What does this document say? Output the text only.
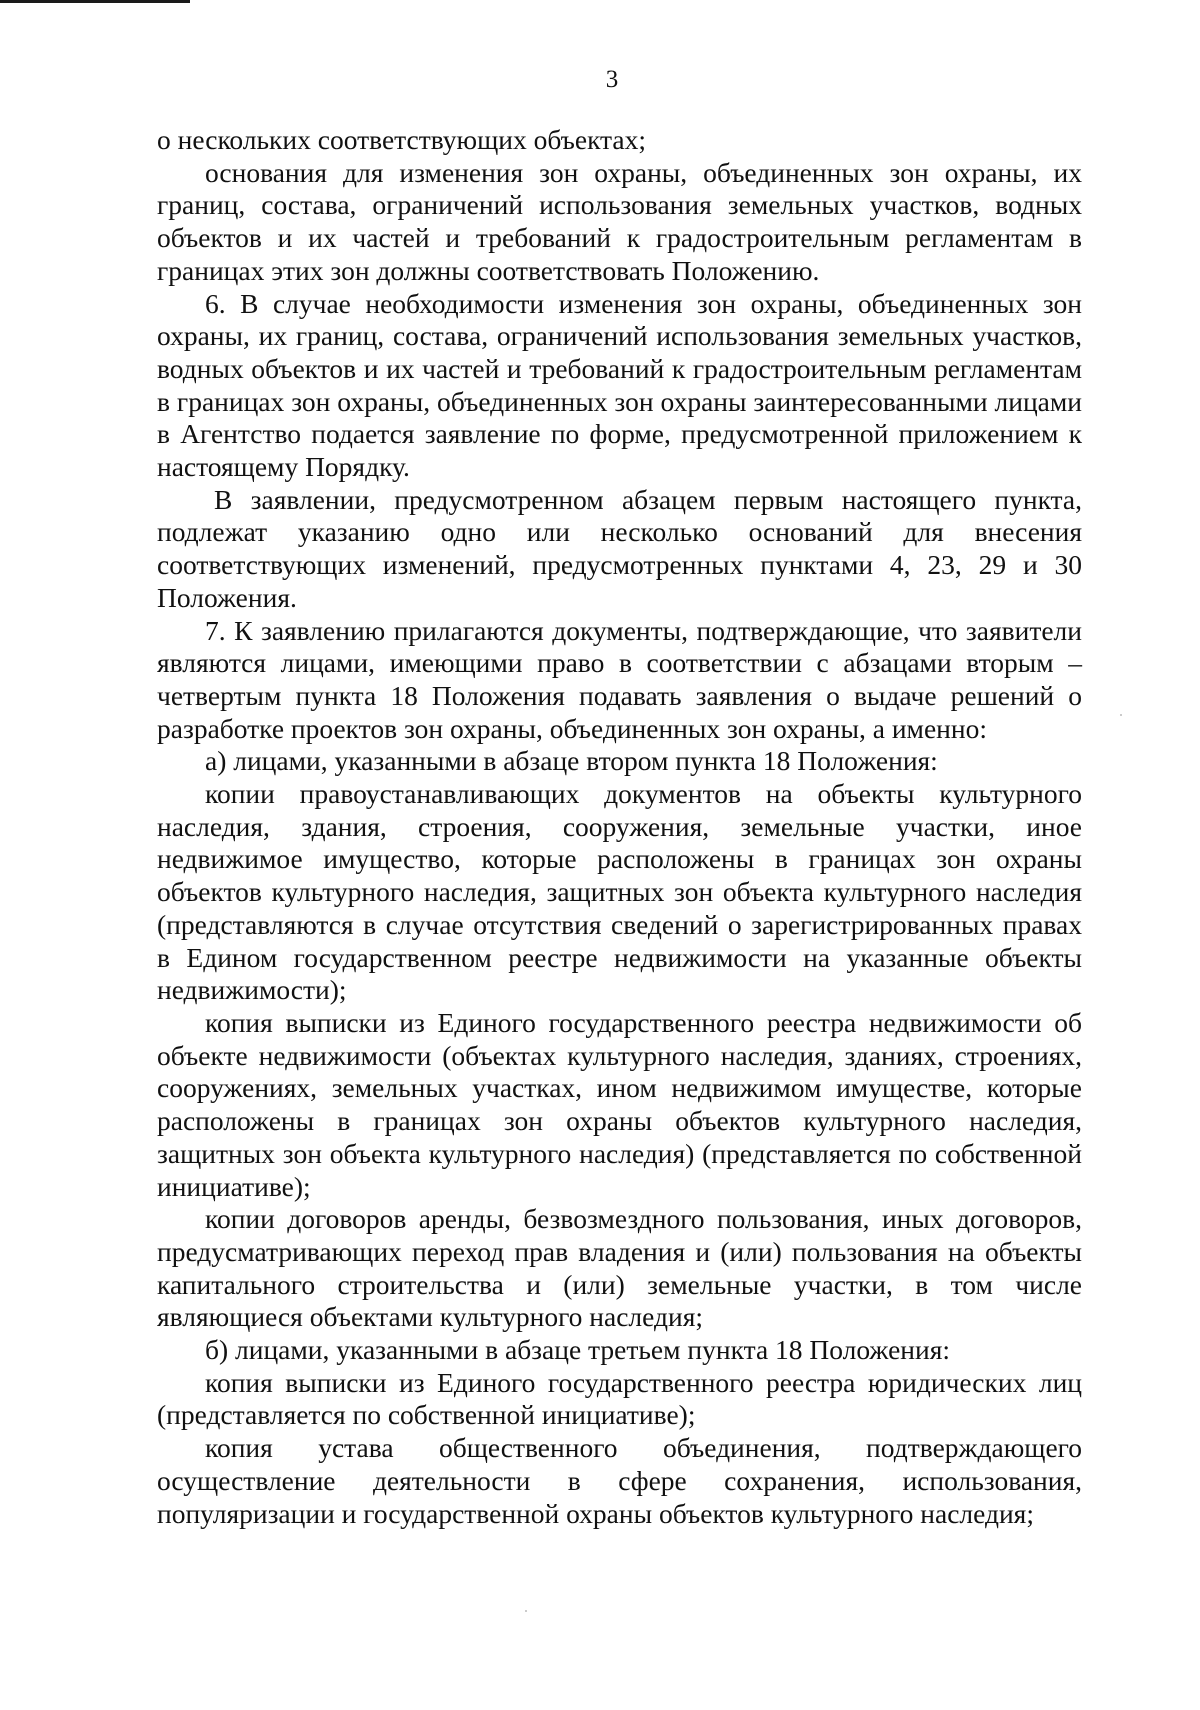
3

о нескольких соответствующих объектах;

основания для изменения зон охраны, объединенных зон охраны, их границ, состава, ограничений использования земельных участков, водных объектов и их частей и требований к градостроительным регламентам в границах этих зон должны соответствовать Положению.

6. В случае необходимости изменения зон охраны, объединенных зон охраны, их границ, состава, ограничений использования земельных участков, водных объектов и их частей и требований к градостроительным регламентам в границах зон охраны, объединенных зон охраны заинтересованными лицами в Агентство подается заявление по форме, предусмотренной приложением к настоящему Порядку.

В заявлении, предусмотренном абзацем первым настоящего пункта, подлежат указанию одно или несколько оснований для внесения соответствующих изменений, предусмотренных пунктами 4, 23, 29 и 30 Положения.

7. К заявлению прилагаются документы, подтверждающие, что заявители являются лицами, имеющими право в соответствии с абзацами вторым – четвертым пункта 18 Положения подавать заявления о выдаче решений о разработке проектов зон охраны, объединенных зон охраны, а именно:

а) лицами, указанными в абзаце втором пункта 18 Положения:

копии правоустанавливающих документов на объекты культурного наследия, здания, строения, сооружения, земельные участки, иное недвижимое имущество, которые расположены в границах зон охраны объектов культурного наследия, защитных зон объекта культурного наследия (представляются в случае отсутствия сведений о зарегистрированных правах в Едином государственном реестре недвижимости на указанные объекты недвижимости);

копия выписки из Единого государственного реестра недвижимости об объекте недвижимости (объектах культурного наследия, зданиях, строениях, сооружениях, земельных участках, ином недвижимом имуществе, которые расположены в границах зон охраны объектов культурного наследия, защитных зон объекта культурного наследия) (представляется по собственной инициативе);

копии договоров аренды, безвозмездного пользования, иных договоров, предусматривающих переход прав владения и (или) пользования на объекты капитального строительства и (или) земельные участки, в том числе являющиеся объектами культурного наследия;

б) лицами, указанными в абзаце третьем пункта 18 Положения:

копия выписки из Единого государственного реестра юридических лиц (представляется по собственной инициативе);

копия устава общественного объединения, подтверждающего осуществление деятельности в сфере сохранения, использования, популяризации и государственной охраны объектов культурного наследия;
